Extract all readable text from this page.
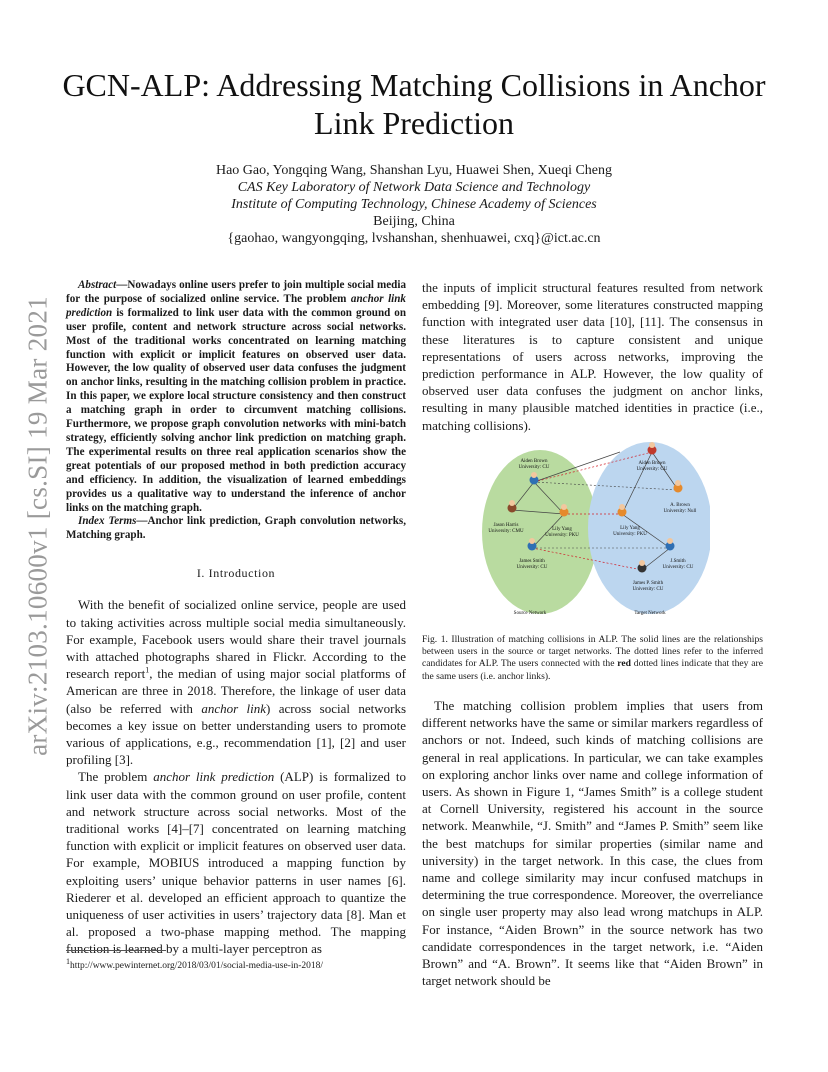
arXiv:2103.10600v1 [cs.SI] 19 Mar 2021
GCN-ALP: Addressing Matching Collisions in Anchor Link Prediction
Hao Gao, Yongqing Wang, Shanshan Lyu, Huawei Shen, Xueqi Cheng
CAS Key Laboratory of Network Data Science and Technology
Institute of Computing Technology, Chinese Academy of Sciences
Beijing, China
{gaohao, wangyongqing, lvshanshan, shenhuawei, cxq}@ict.ac.cn

Abstract—Nowadays online users prefer to join multiple social media for the purpose of socialized online service. The problem anchor link prediction is formalized to link user data with the common ground on user profile, content and network structure across social networks. Most of the traditional works concentrated on learning matching function with explicit or implicit features on observed user data. However, the low quality of observed user data confuses the judgment on anchor links, resulting in the matching collision problem in practice. In this paper, we explore local structure consistency and then construct a matching graph in order to circumvent matching collisions. Furthermore, we propose graph convolution networks with mini-batch strategy, efficiently solving anchor link prediction on matching graph. The experimental results on three real application scenarios show the great potentials of our proposed method in both prediction accuracy and efficiency. In addition, the visualization of learned embeddings provides us a qualitative way to understand the inference of anchor links on the matching graph.

Index Terms—Anchor link prediction, Graph convolution networks, Matching graph.

I. Introduction

With the benefit of socialized online service, people are used to taking activities across multiple social media simultaneously. For example, Facebook users would share their travel journals with attached photographs shared in Flickr. According to the research report$^1$, the median of using major social platforms of American are three in 2018. Therefore, the linkage of user data (also be referred with anchor link) across social networks becomes a key issue on better understanding users to promote various of applications, e.g., recommendation [1], [2] and user profiling [3].

The problem anchor link prediction (ALP) is formalized to link user data with the common ground on user profile, content and network structure across social networks. Most of the traditional works [4]–[7] concentrated on learning matching function with explicit or implicit features on observed user data. For example, MOBIUS introduced a mapping function by exploiting users’ unique behavior patterns in user names [6]. Riederer et al. developed an efficient approach to quantize the uniqueness of user activities in users’ trajectory data [8]. Man et al. proposed a two-phase mapping method. The mapping function is learned by a multi-layer perceptron as

$^1$http://www.pewinternet.org/2018/03/01/social-media-use-in-2018/

the inputs of implicit structural features resulted from network embedding [9]. Moreover, some literatures constructed mapping function with integrated user data [10], [11]. The consensus in these literatures is to capture consistent and unique representations of users across networks, improving the prediction performance in ALP. However, the low quality of observed user data confuses the judgment on anchor links, resulting in many plausible matched identities in practice (i.e., matching collisions).

Aiden Brown
University: CU
Jason Harris
University: CMU	Lily Yang
University: PKU
James Smith
University: CU
Aiden Brown
University: CU
A. Brown
University: Null
Lily Yang
University: PKU
J.Smith
University: CU
James P. Smith
University: CU
Source Network	Target Network
Fig. 1. Illustration of matching collisions in ALP. The solid lines are the relationships between users in the source or target networks. The dotted lines refer to the inferred candidates for ALP. The users connected with the red dotted lines indicate that they are the same users (i.e. anchor links).

The matching collision problem implies that users from different networks have the same or similar markers regardless of anchors or not. Indeed, such kinds of matching collisions are general in real applications. In particular, we can take examples on exploring anchor links over name and college information of users. As shown in Figure 1, “James Smith” is a college student at Cornell University, registered his account in the source network. Meanwhile, “J. Smith” and “James P. Smith” seem like the best matchups for similar properties (similar name and university) in the target network. In this case, the clues from name and college similarity may incur confused matchups in determining the true correspondence. Moreover, the overreliance on single user property may also lead wrong matchups in ALP. For instance, “Aiden Brown” in the source network has two candidate correspondences in the target network, i.e. “Aiden Brown” and “A. Brown”. It seems like that “Aiden Brown” in target network should be
